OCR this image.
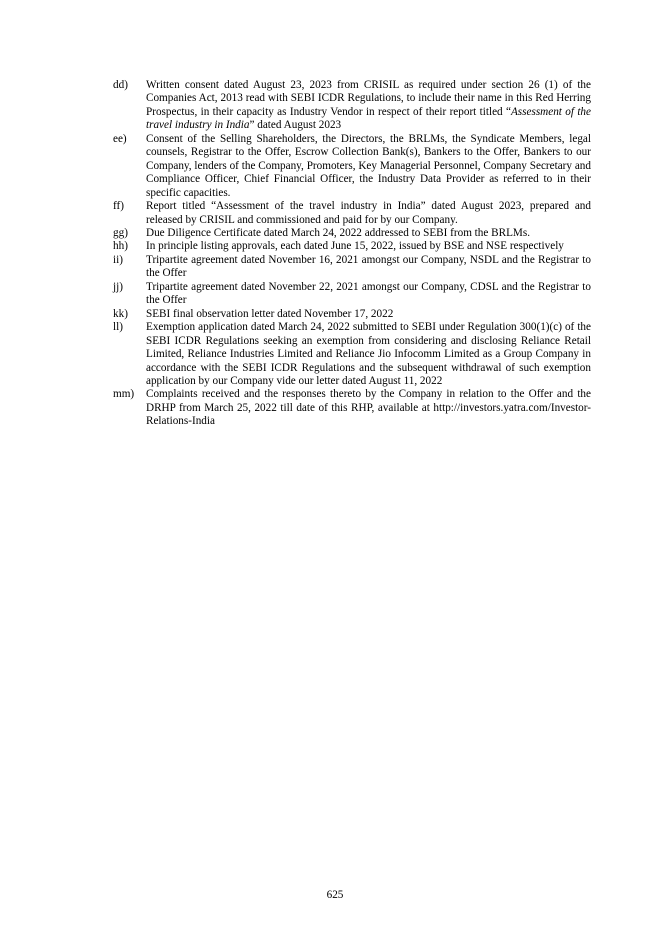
dd)	Written consent dated August 23, 2023 from CRISIL as required under section 26 (1) of the Companies Act, 2013 read with SEBI ICDR Regulations, to include their name in this Red Herring Prospectus, in their capacity as Industry Vendor in respect of their report titled “Assessment of the travel industry in India” dated August 2023
ee)	Consent of the Selling Shareholders, the Directors, the BRLMs, the Syndicate Members, legal counsels, Registrar to the Offer, Escrow Collection Bank(s), Bankers to the Offer, Bankers to our Company, lenders of the Company, Promoters, Key Managerial Personnel, Company Secretary and Compliance Officer, Chief Financial Officer, the Industry Data Provider as referred to in their specific capacities.
ff)	Report titled “Assessment of the travel industry in India” dated August 2023, prepared and released by CRISIL and commissioned and paid for by our Company.
gg)	Due Diligence Certificate dated March 24, 2022 addressed to SEBI from the BRLMs.
hh)	In principle listing approvals, each dated June 15, 2022, issued by BSE and NSE respectively
ii)	Tripartite agreement dated November 16, 2021 amongst our Company, NSDL and the Registrar to the Offer
jj)	Tripartite agreement dated November 22, 2021 amongst our Company, CDSL and the Registrar to the Offer
kk)	SEBI final observation letter dated November 17, 2022
ll)	Exemption application dated March 24, 2022 submitted to SEBI under Regulation 300(1)(c) of the SEBI ICDR Regulations seeking an exemption from considering and disclosing Reliance Retail Limited, Reliance Industries Limited and Reliance Jio Infocomm Limited as a Group Company in accordance with the SEBI ICDR Regulations and the subsequent withdrawal of such exemption application by our Company vide our letter dated August 11, 2022
mm)	Complaints received and the responses thereto by the Company in relation to the Offer and the DRHP from March 25, 2022 till date of this RHP, available at http://investors.yatra.com/Investor-Relations-India
625
